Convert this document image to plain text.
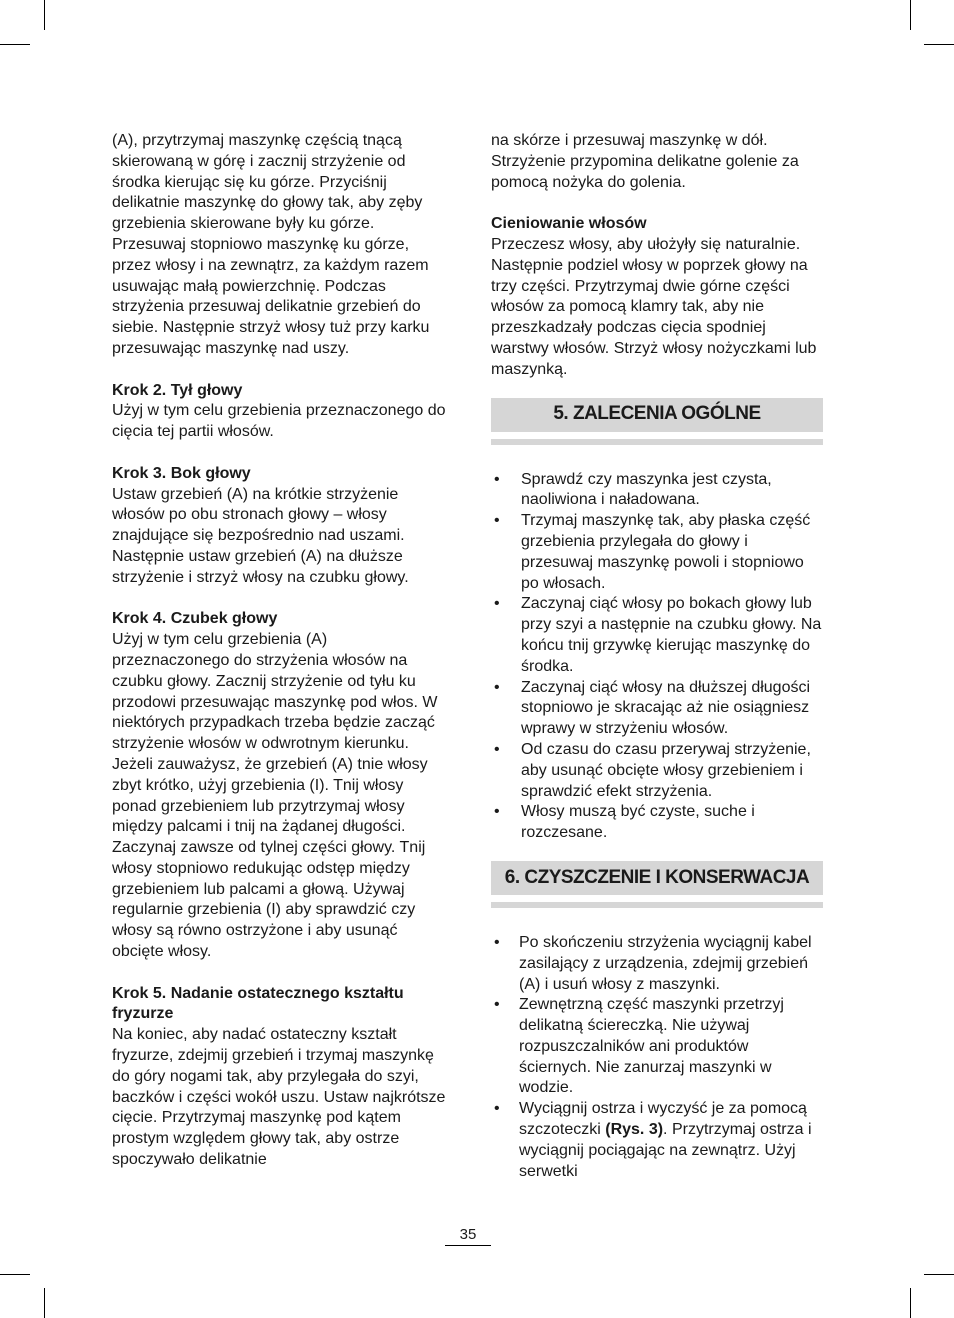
(A), przytrzymaj maszynkę częścią tnącą skierowaną w górę i zacznij strzyżenie od środka kierując się ku górze. Przyciśnij delikatnie maszynkę do głowy tak, aby zęby grzebienia skierowane były ku górze. Przesuwaj stopniowo maszynkę ku górze, przez włosy i na zewnątrz, za każdym razem usuwając małą powierzchnię. Podczas strzyżenia przesuwaj delikatnie grzebień do siebie. Następnie strzyż włosy tuż przy karku przesuwając maszynkę nad uszy.

Krok 2. Tył głowy

Użyj w tym celu grzebienia przeznaczonego do cięcia tej partii włosów.

Krok 3. Bok głowy

Ustaw grzebień (A) na krótkie strzyżenie włosów po obu stronach głowy – włosy znajdujące się bezpośrednio nad uszami. Następnie ustaw grzebień (A) na dłuższe strzyżenie i strzyż włosy na czubku głowy.

Krok 4. Czubek głowy

Użyj w tym celu grzebienia (A) przeznaczonego do strzyżenia włosów na czubku głowy. Zacznij strzyżenie od tyłu ku przodowi przesuwając maszynkę pod włos. W niektórych przypadkach trzeba będzie zacząć strzyżenie włosów w odwrotnym kierunku. Jeżeli zauważysz, że grzebień (A) tnie włosy zbyt krótko, użyj grzebienia (I). Tnij włosy ponad grzebieniem lub przytrzymaj włosy między palcami i tnij na żądanej długości. Zaczynaj zawsze od tylnej części głowy. Tnij włosy stopniowo redukując odstęp między grzebieniem lub palcami a głową. Używaj regularnie grzebienia (I) aby sprawdzić czy włosy są równo ostrzyżone i aby usunąć obcięte włosy.

Krok 5. Nadanie ostatecznego kształtu fryzurze

Na koniec, aby nadać ostateczny kształt fryzurze, zdejmij grzebień i trzymaj maszynkę do góry nogami tak, aby przylegała do szyi, baczków i części wokół uszu. Ustaw najkrótsze cięcie. Przytrzymaj maszynkę pod kątem prostym względem głowy tak, aby ostrze spoczywało delikatnie

na skórze i przesuwaj maszynkę w dół. Strzyżenie przypomina delikatne golenie za pomocą nożyka do golenia.

Cieniowanie włosów

Przeczesz włosy, aby ułożyły się naturalnie. Następnie podziel włosy w poprzek głowy na trzy części. Przytrzymaj dwie górne części włosów za pomocą klamry tak, aby nie przeszkadzały podczas cięcia spodniej warstwy włosów. Strzyż włosy nożyczkami lub maszynką.

5. ZALECENIA OGÓLNE
• Sprawdź czy maszynka jest czysta, naoliwiona i naładowana.
• Trzymaj maszynkę tak, aby płaska część grzebienia przylegała do głowy i przesuwaj maszynkę powoli i stopniowo po włosach.
• Zaczynaj ciąć włosy po bokach głowy lub przy szyi a następnie na czubku głowy. Na końcu tnij grzywkę kierując maszynkę do środka.
• Zaczynaj ciąć włosy na dłuższej długości stopniowo je skracając aż nie osiągniesz wprawy w strzyżeniu włosów.
• Od czasu do czasu przerywaj strzyżenie, aby usunąć obcięte włosy grzebieniem i sprawdzić efekt strzyżenia.
• Włosy muszą być czyste, suche i rozczesane.
6. CZYSZCZENIE I KONSERWACJA
• Po skończeniu strzyżenia wyciągnij kabel zasilający z urządzenia, zdejmij grzebień (A) i usuń włosy z maszynki.
• Zewnętrzną część maszynki przetrzyj delikatną ściereczką. Nie używaj rozpuszczalników ani produktów ściernych. Nie zanurzaj maszynki w wodzie.
• Wyciągnij ostrza i wyczyść je za pomocą szczoteczki (Rys. 3). Przytrzymaj ostrza i wyciągnij pociągając na zewnątrz. Użyj serwetki
35
